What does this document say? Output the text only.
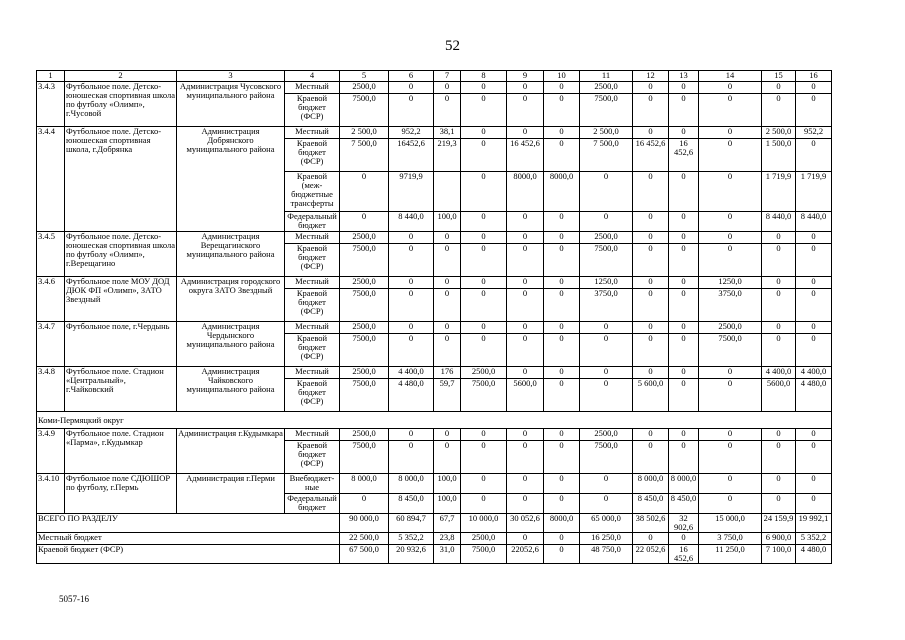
52
1	2	3	4	5	6	7	8	9	10	11	12	13	14	15	16
3.4.3	Футбольное поле. Детско-юношеская спортивная школа по футболу «Олимп», г.Чусовой	Администрация Чусовского муниципального района	Местный	2500,0	0	0	0	0	0	2500,0	0	0	0	0	0
			Краевой бюджет (ФСР)	7500,0	0	0	0	0	0	7500,0	0	0	0	0	0
3.4.4	Футбольное поле. Детско-юношеская спортивная школа, г.Добрянка	Администрация Добрянского муниципального района	Местный	2 500,0	952,2	38,1	0	0	0	2 500,0	0	0	0	2 500,0	952,2
			Краевой бюджет (ФСР)	7 500,0	16452,6	219,3	0	16 452,6	0	7 500,0	16 452,6	16 452,6	0	1 500,0	0
			Краевой (меж-бюджетные трансферты	0	9719,9		0	8000,0	8000,0	0	0	0	0	1 719,9	1 719,9
			Федеральный бюджет	0	8 440,0	100,0	0	0	0	0	0	0	0	8 440,0	8 440,0
3.4.5	Футбольное поле. Детско-юношеская спортивная школа по футболу «Олимп», г.Верещагино	Администрация Верещагинского муниципального района	Местный	2500,0	0	0	0	0	0	2500,0	0	0	0	0	0
			Краевой бюджет (ФСР)	7500,0	0	0	0	0	0	7500,0	0	0	0	0	0
3.4.6	Футбольное поле МОУ ДОД ДЮК ФП «Олимп», ЗАТО Звездный	Администрация городского округа ЗАТО Звездный	Местный	2500,0	0	0	0	0	0	1250,0	0	0	1250,0	0	0
			Краевой бюджет (ФСР)	7500,0	0	0	0	0	0	3750,0	0	0	3750,0	0	0
3.4.7	Футбольное поле, г.Чердынь	Администрация Чердынского муниципального района	Местный	2500,0	0	0	0	0	0	0	0	0	2500,0	0	0
			Краевой бюджет (ФСР)	7500,0	0	0	0	0	0	0	0	0	7500,0	0	0
3.4.8	Футбольное поле. Стадион «Центральный», г.Чайковский	Администрация Чайковского муниципального района	Местный	2500,0	4 400,0	176	2500,0	0	0	0	0	0	0	4 400,0	4 400,0
			Краевой бюджет (ФСР)	7500,0	4 480,0	59,7	7500,0	5600,0	0	0	5 600,0	0	0	5600,0	4 480,0
Коми-Пермяцкий округ															
3.4.9	Футбольное поле. Стадион «Парма», г.Кудымкар	Администрация г.Кудымкара	Местный	2500,0	0	0	0	0	0	2500,0	0	0	0	0	0
			Краевой бюджет (ФСР)	7500,0	0	0	0	0	0	7500,0	0	0	0	0	0
3.4.10	Футбольное поле СДЮШОР по футболу, г.Пермь	Администрация г.Перми	Внебюджет-ные	8 000,0	8 000,0	100,0	0	0	0	0	8 000,0	8 000,0	0	0	0
			Федеральный бюджет	0	8 450,0	100,0	0	0	0	0	8 450,0	8 450,0	0	0	0
ВСЕГО ПО РАЗДЕЛУ				90 000,0	60 894,7	67,7	10 000,0	30 052,6	8000,0	65 000,0	38 502,6	32 902,6	15 000,0	24 159,9	19 992,1
Местный бюджет				22 500,0	5 352,2	23,8	2500,0	0	0	16 250,0	0	0	3 750,0	6 900,0	5 352,2
Краевой бюджет (ФСР)				67 500,0	20 932,6	31,0	7500,0	22052,6	0	48 750,0	22 052,6	16 452,6	11 250,0	7 100,0	4 480,0
5057-16
